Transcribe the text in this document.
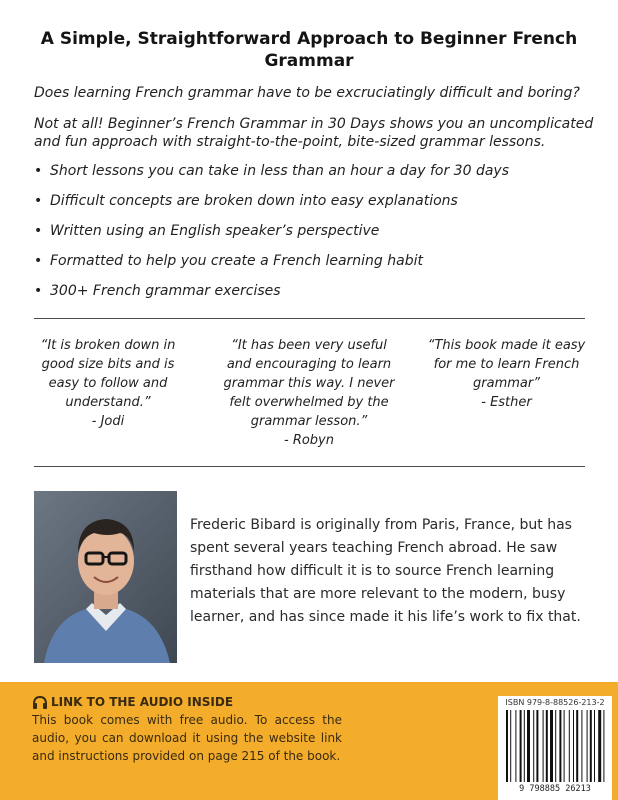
A Simple, Straightforward Approach to Beginner French Grammar
Does learning French grammar have to be excruciatingly difficult and boring?
Not at all! Beginner’s French Grammar in 30 Days shows you an uncomplicated and fun approach with straight-to-the-point, bite-sized grammar lessons.
• Short lessons you can take in less than an hour a day for 30 days
• Difficult concepts are broken down into easy explanations
• Written using an English speaker’s perspective
• Formatted to help you create a French learning habit
• 300+ French grammar exercises
“It is broken down in good size bits and is easy to follow and understand.”
- Jodi
“It has been very useful and encouraging to learn grammar this way. I never felt overwhelmed by the grammar lesson.”
- Robyn
“This book made it easy for me to learn French grammar”
- Esther
Frederic Bibard is originally from Paris, France, but has spent several years teaching French abroad. He saw firsthand how difficult it is to source French learning materials that are more relevant to the modern, busy learner, and has since made it his life’s work to fix that.
LINK TO THE AUDIO INSIDE
This book comes with free audio. To access the audio, you can download it using the website link and instructions provided on page 215 of the book.
ISBN 979-8-88526-213-2
9 798885 26213
